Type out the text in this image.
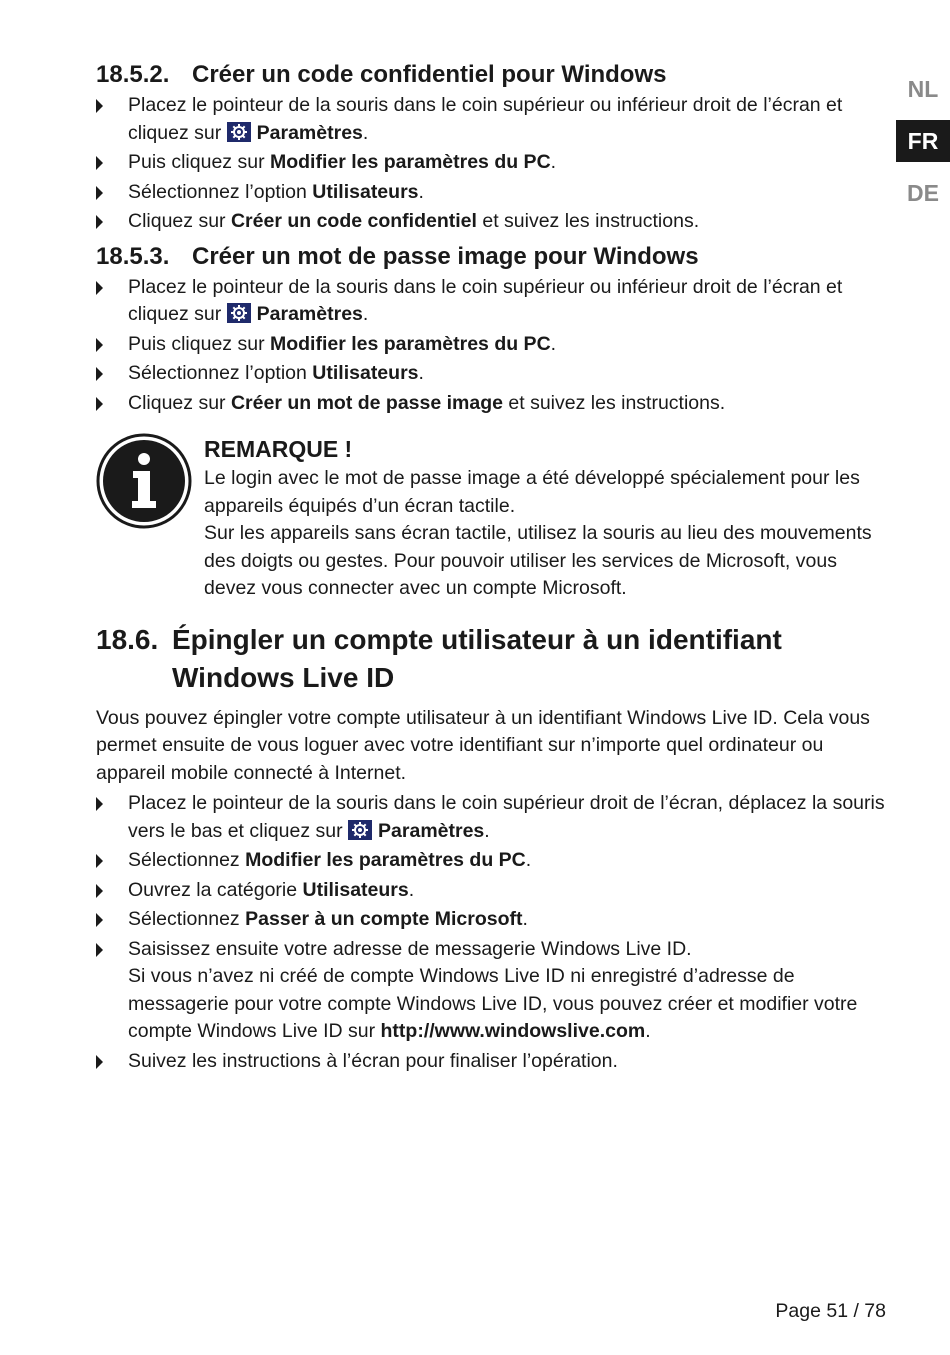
NL
FR
DE
18.5.2. Créer un code confidentiel pour Windows
Placez le pointeur de la souris dans le coin supérieur ou inférieur droit de l’écran et cliquez sur Paramètres.
Puis cliquez sur Modifier les paramètres du PC.
Sélectionnez l’option Utilisateurs.
Cliquez sur Créer un code confidentiel et suivez les instructions.
18.5.3. Créer un mot de passe image pour Windows
Placez le pointeur de la souris dans le coin supérieur ou inférieur droit de l’écran et cliquez sur Paramètres.
Puis cliquez sur Modifier les paramètres du PC.
Sélectionnez l’option Utilisateurs.
Cliquez sur Créer un mot de passe image et suivez les instructions.

REMARQUE !

Le login avec le mot de passe image a été développé spécialement pour les appareils équipés d’un écran tactile.

Sur les appareils sans écran tactile, utilisez la souris au lieu des mouvements des doigts ou gestes. Pour pouvoir utiliser les services de Microsoft, vous devez vous connecter avec un compte Microsoft.

18.6. Épingler un compte utilisateur à un identifiant Windows Live ID

Vous pouvez épingler votre compte utilisateur à un identifiant Windows Live ID. Cela vous permet ensuite de vous loguer avec votre identifiant sur n’importe quel ordinateur ou appareil mobile connecté à Internet.

Placez le pointeur de la souris dans le coin supérieur droit de l’écran, déplacez la souris vers le bas et cliquez sur Paramètres.
Sélectionnez Modifier les paramètres du PC.
Ouvrez la catégorie Utilisateurs.
Sélectionnez Passer à un compte Microsoft.
Saisissez ensuite votre adresse de messagerie Windows Live ID.
Si vous n’avez ni créé de compte Windows Live ID ni enregistré d’adresse de messagerie pour votre compte Windows Live ID, vous pouvez créer et modifier votre compte Windows Live ID sur http://www.windowslive.com.
Suivez les instructions à l’écran pour finaliser l’opération.
Page 51 / 78
